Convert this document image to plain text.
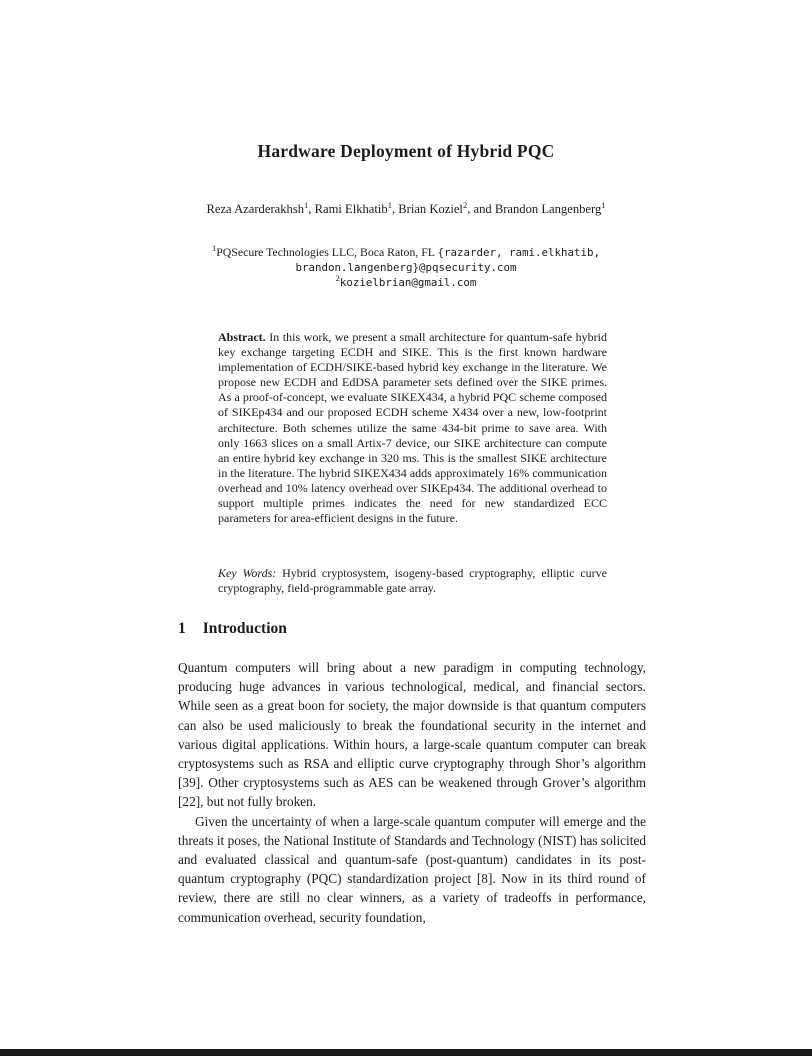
Hardware Deployment of Hybrid PQC
Reza Azarderakhsh$^1$, Rami Elkhatib$^1$, Brian Koziel$^2$, and Brandon Langenberg$^1$
$^1$PQSecure Technologies LLC, Boca Raton, FL {razarder, rami.elkhatib,
brandon.langenberg}@pqsecurity.com
$^2$kozielbrian@gmail.com
Abstract. In this work, we present a small architecture for quantum-safe hybrid key exchange targeting ECDH and SIKE. This is the first known hardware implementation of ECDH/SIKE-based hybrid key exchange in the literature. We propose new ECDH and EdDSA parameter sets defined over the SIKE primes. As a proof-of-concept, we evaluate SIKEX434, a hybrid PQC scheme composed of SIKEp434 and our proposed ECDH scheme X434 over a new, low-footprint architecture. Both schemes utilize the same 434-bit prime to save area. With only 1663 slices on a small Artix-7 device, our SIKE architecture can compute an entire hybrid key exchange in 320 ms. This is the smallest SIKE architecture in the literature. The hybrid SIKEX434 adds approximately 16% communication overhead and 10% latency overhead over SIKEp434. The additional overhead to support multiple primes indicates the need for new standardized ECC parameters for area-efficient designs in the future.
Key Words: Hybrid cryptosystem, isogeny-based cryptography, elliptic curve cryptography, field-programmable gate array.
1 Introduction

Quantum computers will bring about a new paradigm in computing technology, producing huge advances in various technological, medical, and financial sectors. While seen as a great boon for society, the major downside is that quantum computers can also be used maliciously to break the foundational security in the internet and various digital applications. Within hours, a large-scale quantum computer can break cryptosystems such as RSA and elliptic curve cryptography through Shor’s algorithm [39]. Other cryptosystems such as AES can be weakened through Grover’s algorithm [22], but not fully broken.

Given the uncertainty of when a large-scale quantum computer will emerge and the threats it poses, the National Institute of Standards and Technology (NIST) has solicited and evaluated classical and quantum-safe (post-quantum) candidates in its post-quantum cryptography (PQC) standardization project [8]. Now in its third round of review, there are still no clear winners, as a variety of tradeoffs in performance, communication overhead, security foundation,
